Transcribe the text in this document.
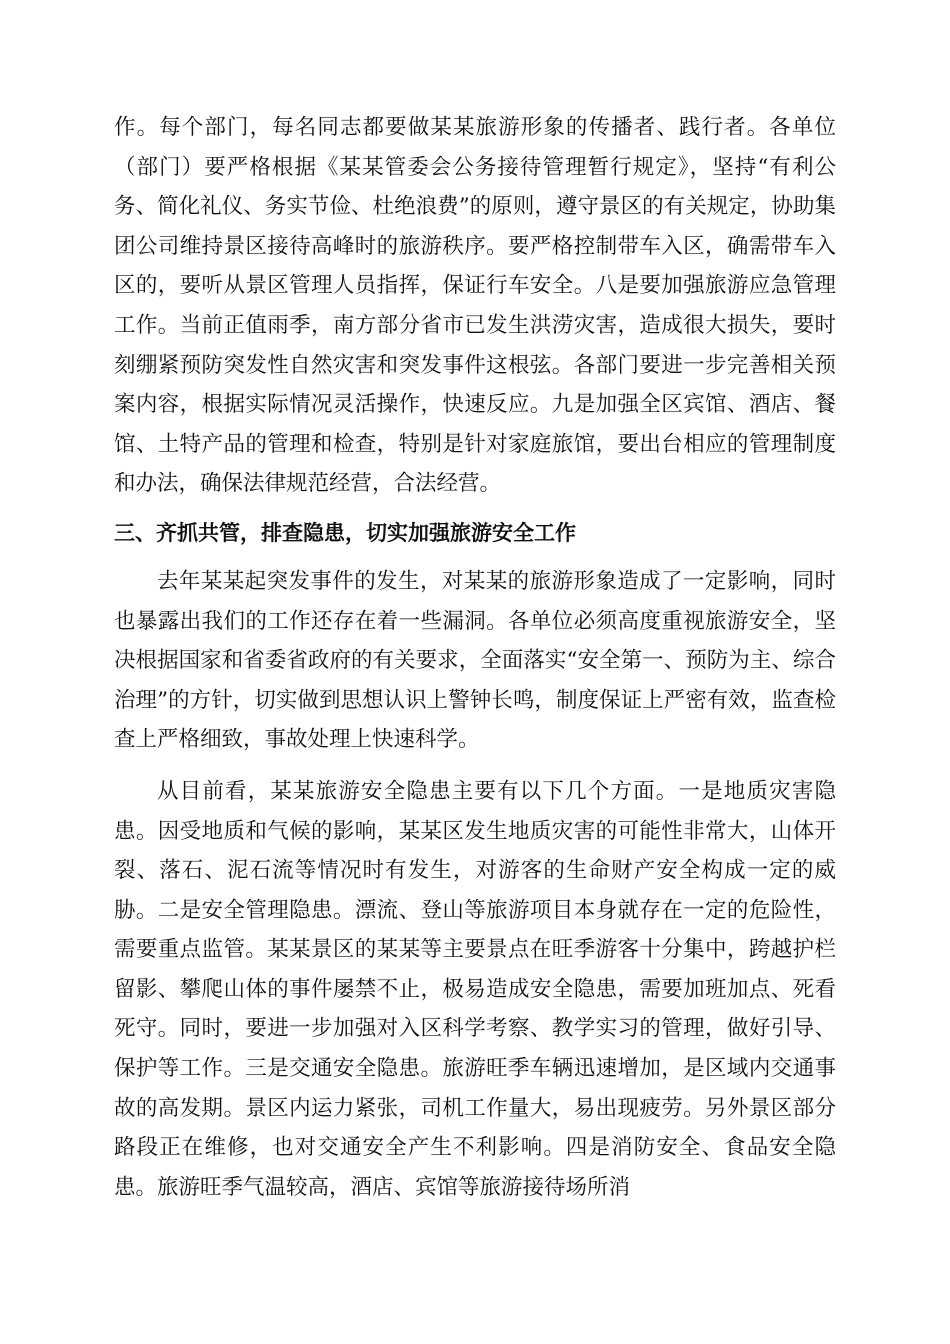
作。每个部门，每名同志都要做某某旅游形象的传播者、践行者。各单位（部门）要严格根据《某某管委会公务接待管理暂行规定》，坚持“有利公务、简化礼仪、务实节俭、杜绝浪费”的原则，遵守景区的有关规定，协助集团公司维持景区接待高峰时的旅游秩序。要严格控制带车入区，确需带车入区的，要听从景区管理人员指挥，保证行车安全。八是要加强旅游应急管理工作。当前正值雨季，南方部分省市已发生洪涝灾害，造成很大损失，要时刻绷紧预防突发性自然灾害和突发事件这根弦。各部门要进一步完善相关预案内容，根据实际情况灵活操作，快速反应。九是加强全区宾馆、酒店、餐馆、土特产品的管理和检查，特别是针对家庭旅馆，要出台相应的管理制度和办法，确保法律规范经营，合法经营。

三、齐抓共管，排查隐患，切实加强旅游安全工作

去年某某起突发事件的发生，对某某的旅游形象造成了一定影响，同时也暴露出我们的工作还存在着一些漏洞。各单位必须高度重视旅游安全，坚决根据国家和省委省政府的有关要求，全面落实“安全第一、预防为主、综合治理”的方针，切实做到思想认识上警钟长鸣，制度保证上严密有效，监查检查上严格细致，事故处理上快速科学。

从目前看，某某旅游安全隐患主要有以下几个方面。一是地质灾害隐患。因受地质和气候的影响，某某区发生地质灾害的可能性非常大，山体开裂、落石、泥石流等情况时有发生，对游客的生命财产安全构成一定的威胁。二是安全管理隐患。漂流、登山等旅游项目本身就存在一定的危险性，需要重点监管。某某景区的某某等主要景点在旺季游客十分集中，跨越护栏留影、攀爬山体的事件屡禁不止，极易造成安全隐患，需要加班加点、死看死守。同时，要进一步加强对入区科学考察、教学实习的管理，做好引导、保护等工作。三是交通安全隐患。旅游旺季车辆迅速增加，是区域内交通事故的高发期。景区内运力紧张，司机工作量大，易出现疲劳。另外景区部分路段正在维修，也对交通安全产生不利影响。四是消防安全、食品安全隐患。旅游旺季气温较高，酒店、宾馆等旅游接待场所消
